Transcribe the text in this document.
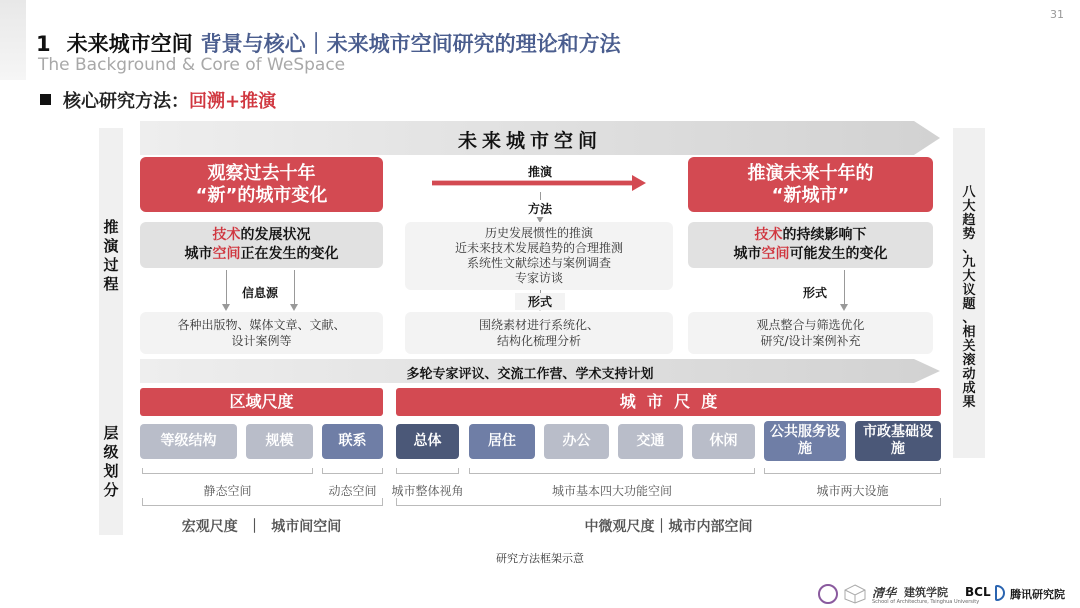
31
1 未来城市空间 背景与核心｜未来城市空间研究的理论和方法
The Background & Core of WeSpace
核心研究方法：回溯+推演
推
演
过
程
层
级
划
分
八
大
趋
势
、
九
大
议
题
、
相
关
滚
动
成
果
未来城市空间
观察过去十年
“新”的城市变化
技术的发展状况
城市空间正在发生的变化
信息源
各种出版物、媒体文章、文献、
设计案例等
推演
方法
历史发展惯性的推演
近未来技术发展趋势的合理推测
系统性文献综述与案例调查
专家访谈
形式
围绕素材进行系统化、
结构化梳理分析
推演未来十年的
“新城市”
技术的持续影响下
城市空间可能发生的变化
形式
观点整合与筛选优化
研究/设计案例补充
多轮专家评议、交流工作营、学术支持计划
区域尺度	城  市  尺  度
等级结构	规模	联系	总体	居住	办公	交通	休闲
公共服务设施
市政基础设施
静态空间	动态空间	城市整体视角	城市基本四大功能空间	城市两大设施
宏观尺度  ｜  城市间空间	中微观尺度｜城市内部空间
研究方法框架示意
清华 建筑学院
School of Architecture, Tsinghua University
BCL 腾讯研究院
